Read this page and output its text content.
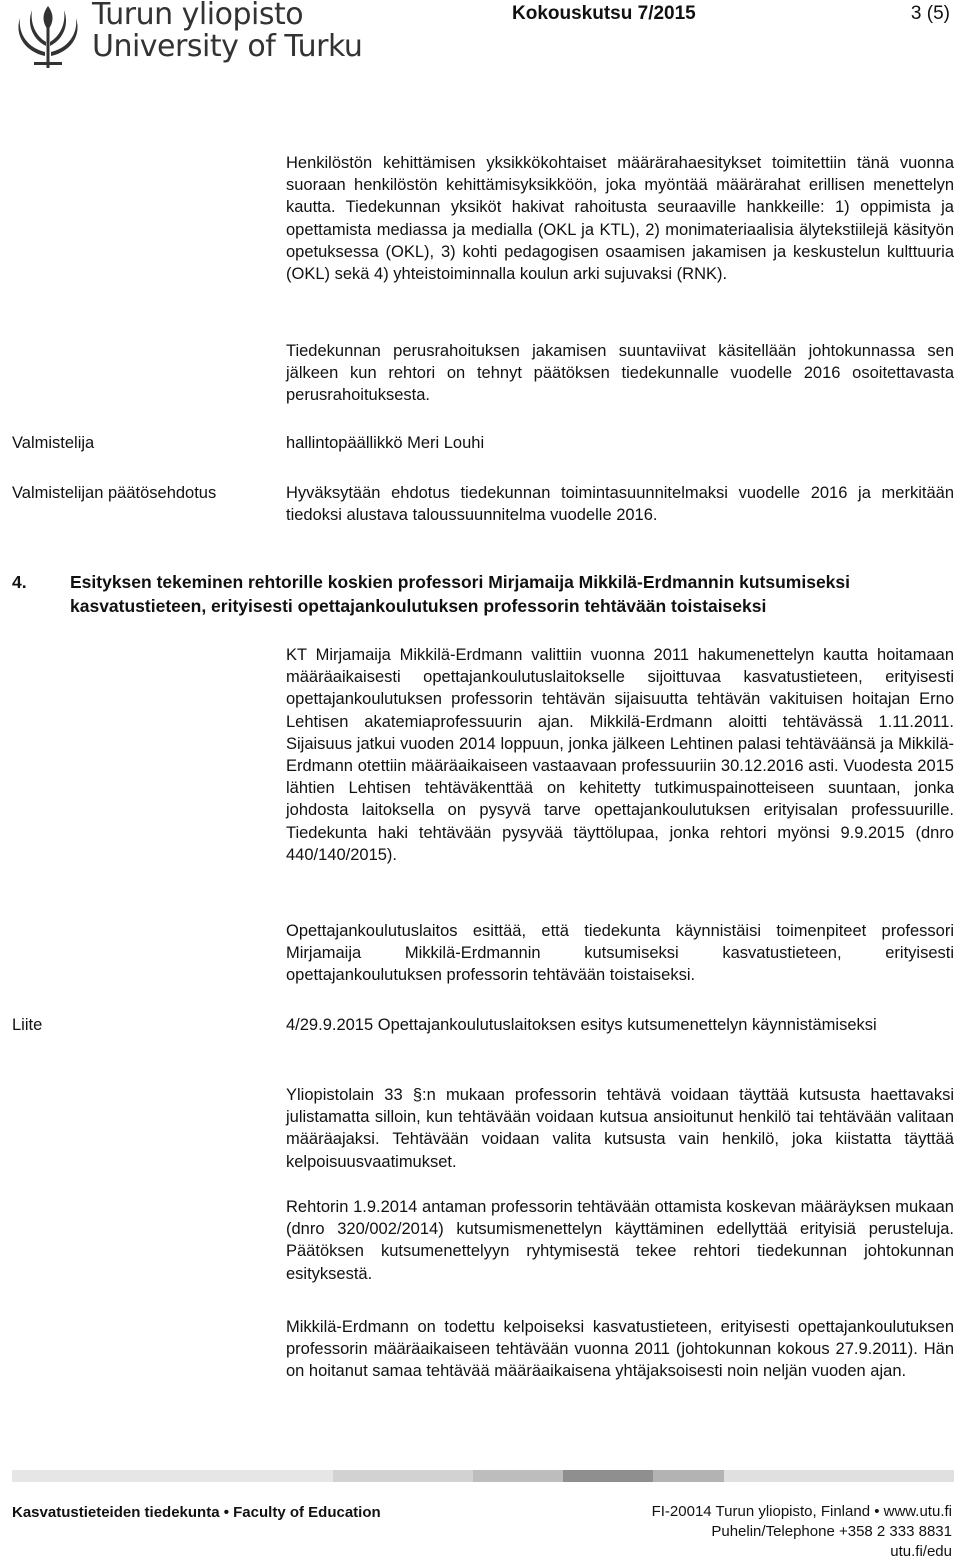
Turun yliopisto
University of Turku
Kokouskutsu 7/2015	3 (5)

Henkilöstön kehittämisen yksikkökohtaiset määrärahaesitykset toimitettiin tänä vuonna suoraan henkilöstön kehittämisyksikköön, joka myöntää määrärahat erillisen menettelyn kautta. Tiedekunnan yksiköt hakivat rahoitusta seuraaville hankkeille: 1) oppimista ja opettamista mediassa ja medialla (OKL ja KTL), 2) monimateriaalisia älytekstiilejä käsityön opetuksessa (OKL), 3) kohti pedagogisen osaamisen jakamisen ja keskustelun kulttuuria (OKL) sekä 4) yhteistoiminnalla koulun arki sujuvaksi (RNK).

Tiedekunnan perusrahoituksen jakamisen suuntaviivat käsitellään johtokunnassa sen jälkeen kun rehtori on tehnyt päätöksen tiedekunnalle vuodelle 2016 osoitettavasta perusrahoituksesta.

Valmistelija	hallintopäällikkö Meri Louhi

Valmistelijan päätösehdotus	Hyväksytään ehdotus tiedekunnan toimintasuunnitelmaksi vuodelle 2016 ja merkitään tiedoksi alustava taloussuunnitelma vuodelle 2016.

4.	Esityksen tekeminen rehtorille koskien professori Mirjamaija Mikkilä-Erdmannin kutsumiseksi kasvatustieteen, erityisesti opettajankoulutuksen professorin tehtävään toistaiseksi

KT Mirjamaija Mikkilä-Erdmann valittiin vuonna 2011 hakumenettelyn kautta hoitamaan määräaikaisesti opettajankoulutuslaitokselle sijoittuvaa kasvatustieteen, erityisesti opettajankoulutuksen professorin tehtävän sijaisuutta tehtävän vakituisen hoitajan Erno Lehtisen akatemiaprofessuurin ajan. Mikkilä-Erdmann aloitti tehtävässä 1.11.2011. Sijaisuus jatkui vuoden 2014 loppuun, jonka jälkeen Lehtinen palasi tehtäväänsä ja Mikkilä-Erdmann otettiin määräaikaiseen vastaavaan professuuriin 30.12.2016 asti. Vuodesta 2015 lähtien Lehtisen tehtäväkenttää on kehitetty tutkimuspainotteiseen suuntaan, jonka johdosta laitoksella on pysyvä tarve opettajankoulutuksen erityisalan professuurille. Tiedekunta haki tehtävään pysyvää täyttölupaa, jonka rehtori myönsi 9.9.2015 (dnro 440/140/2015).

Opettajankoulutuslaitos esittää, että tiedekunta käynnistäisi toimenpiteet professori Mirjamaija Mikkilä-Erdmannin kutsumiseksi kasvatustieteen, erityisesti opettajankoulutuksen professorin tehtävään toistaiseksi.

Liite	4/29.9.2015 Opettajankoulutuslaitoksen esitys kutsumenettelyn käynnistämiseksi

Yliopistolain 33 §:n mukaan professorin tehtävä voidaan täyttää kutsusta haettavaksi julistamatta silloin, kun tehtävään voidaan kutsua ansioitunut henkilö tai tehtävään valitaan määräajaksi. Tehtävään voidaan valita kutsusta vain henkilö, joka kiistatta täyttää kelpoisuusvaatimukset.

Rehtorin 1.9.2014 antaman professorin tehtävään ottamista koskevan määräyksen mukaan (dnro 320/002/2014) kutsumismenettelyn käyttäminen edellyttää erityisiä perusteluja. Päätöksen kutsumenettelyyn ryhtymisestä tekee rehtori tiedekunnan johtokunnan esityksestä.

Mikkilä-Erdmann on todettu kelpoiseksi kasvatustieteen, erityisesti opettajankoulutuksen professorin määräaikaiseen tehtävään vuonna 2011 (johtokunnan kokous 27.9.2011). Hän on hoitanut samaa tehtävää määräaikaisena yhtäjaksoisesti noin neljän vuoden ajan.

Kasvatustieteiden tiedekunta • Faculty of Education	FI-20014 Turun yliopisto, Finland • www.utu.fi
Puhelin/Telephone +358 2 333 8831
utu.fi/edu
